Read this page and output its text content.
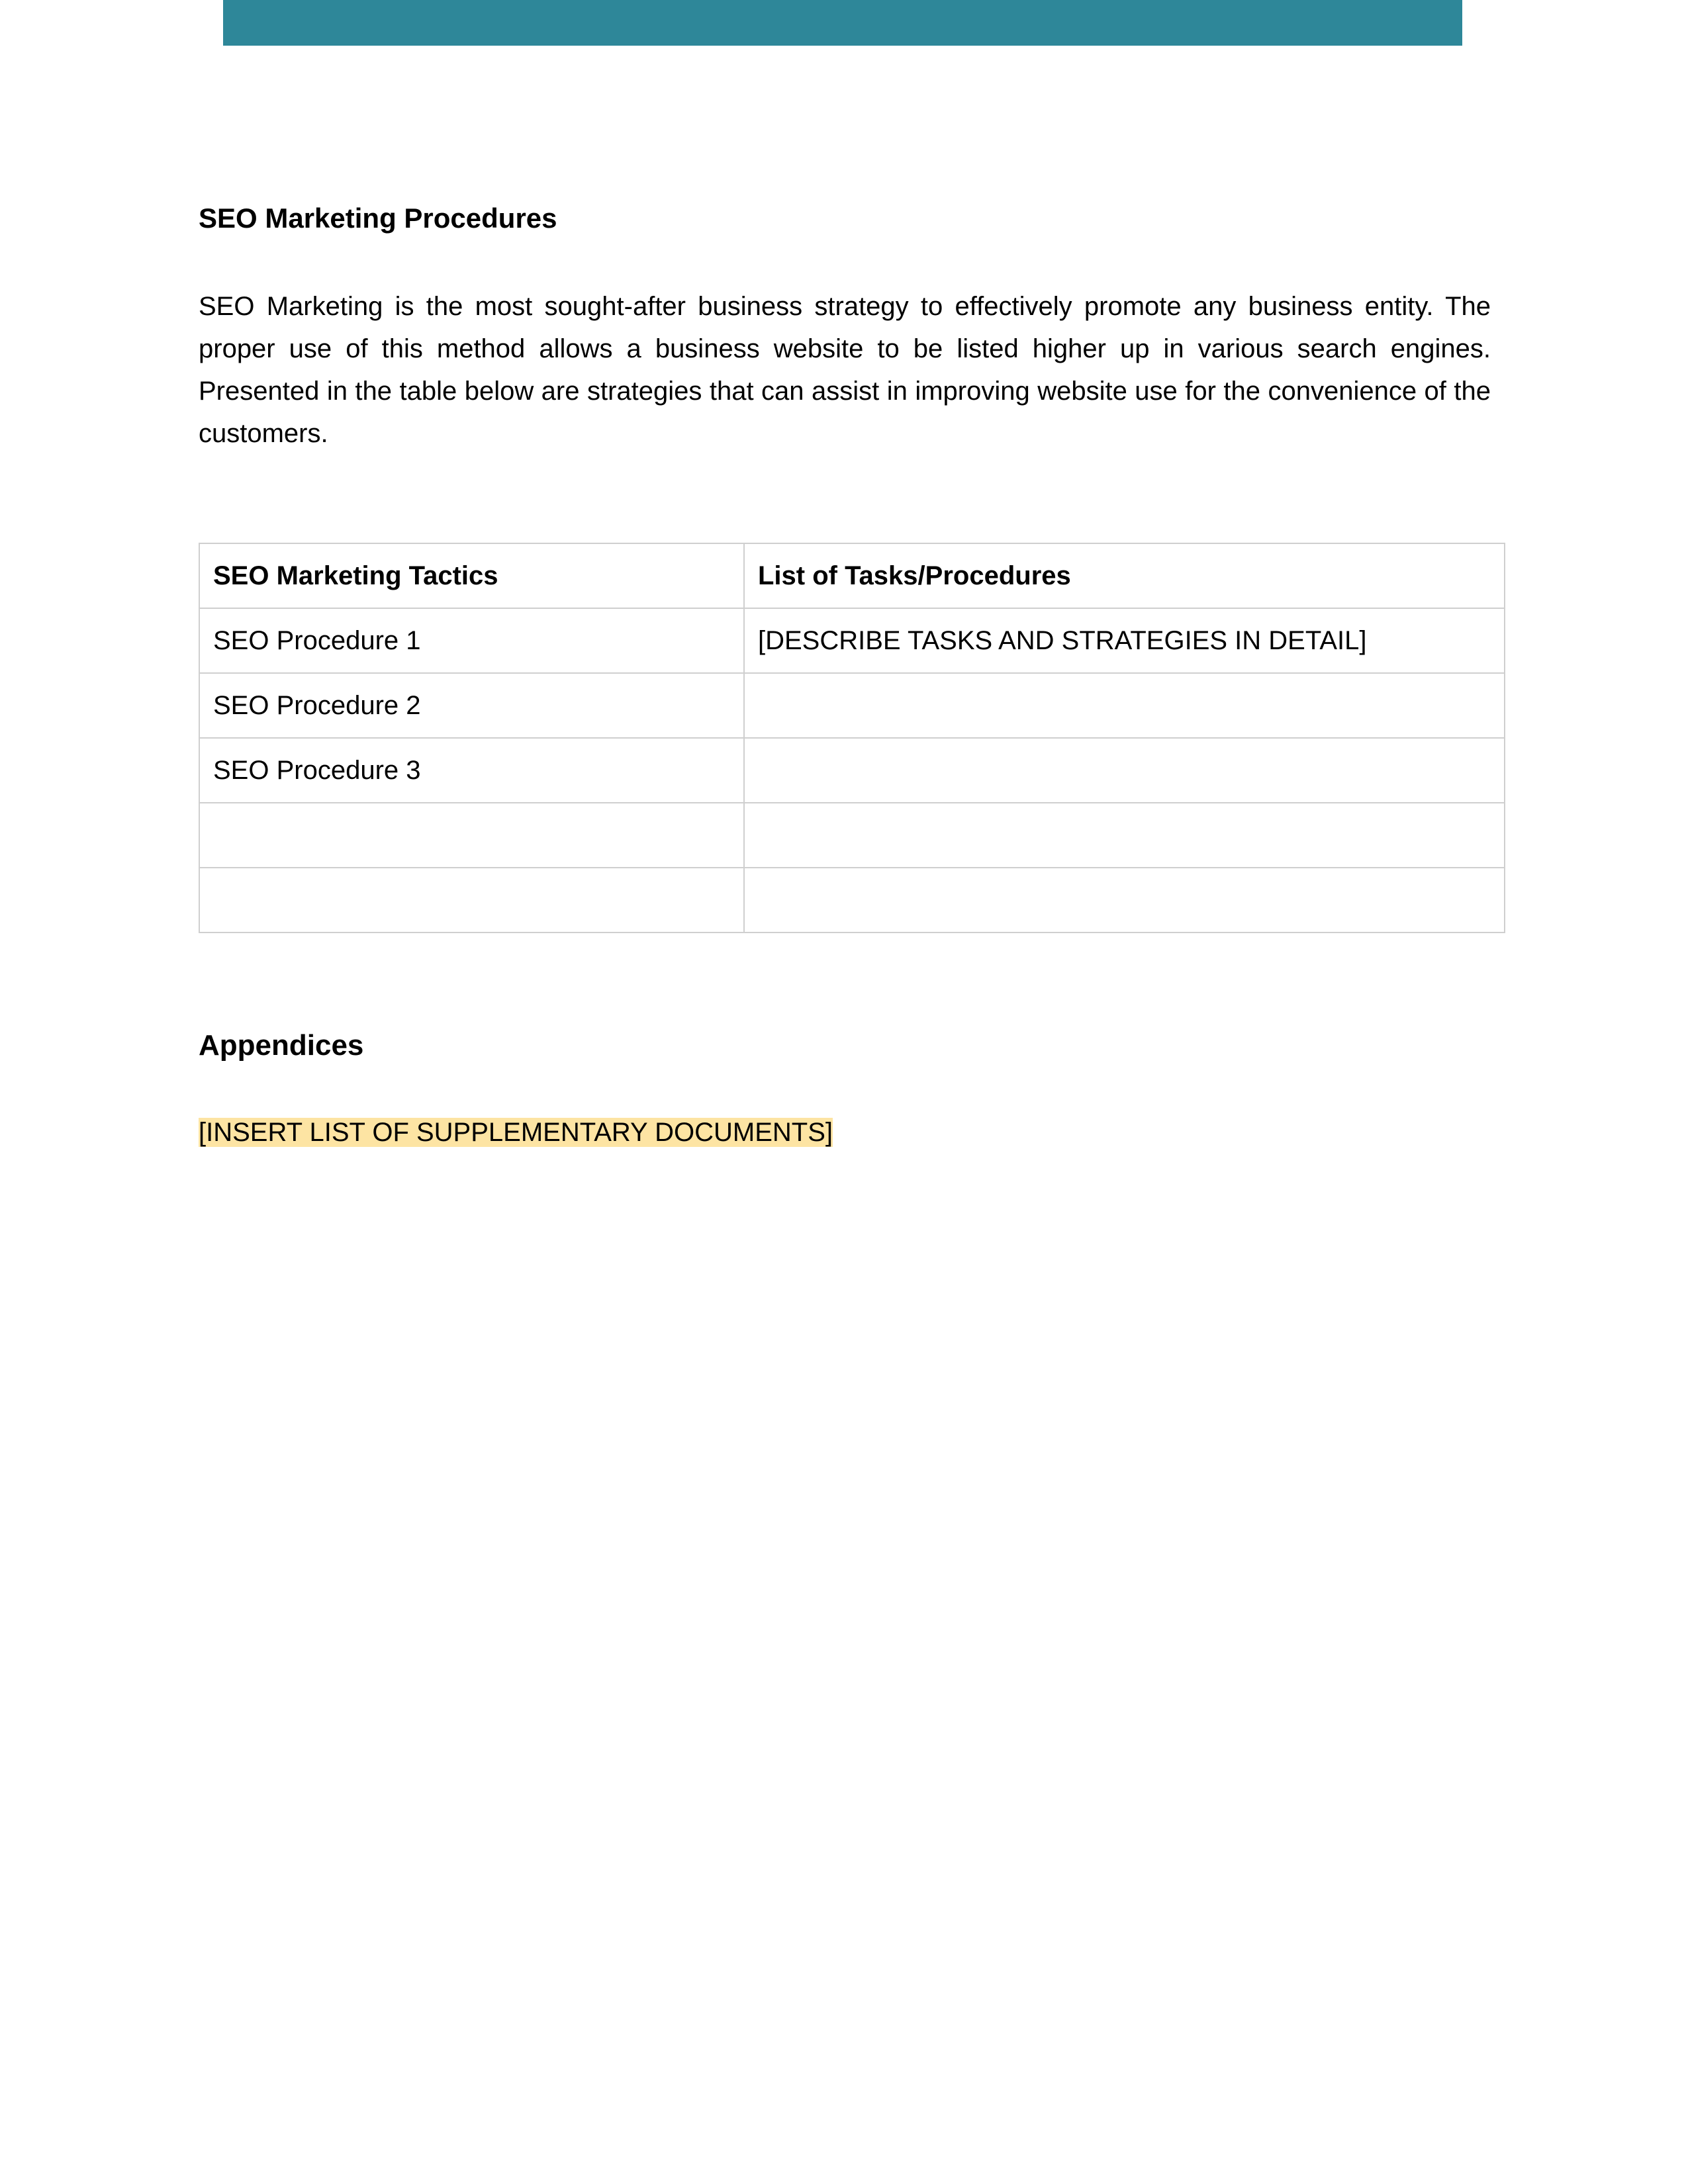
SEO Marketing Procedures

SEO Marketing is the most sought-after business strategy to effectively promote any business entity. The proper use of this method allows a business website to be listed higher up in various search engines. Presented in the table below are strategies that can assist in improving website use for the convenience of the customers.

SEO Marketing Tactics	List of Tasks/Procedures
SEO Procedure 1	[DESCRIBE TASKS AND STRATEGIES IN DETAIL]
SEO Procedure 2	
SEO Procedure 3	

Appendices

[INSERT LIST OF SUPPLEMENTARY DOCUMENTS]
